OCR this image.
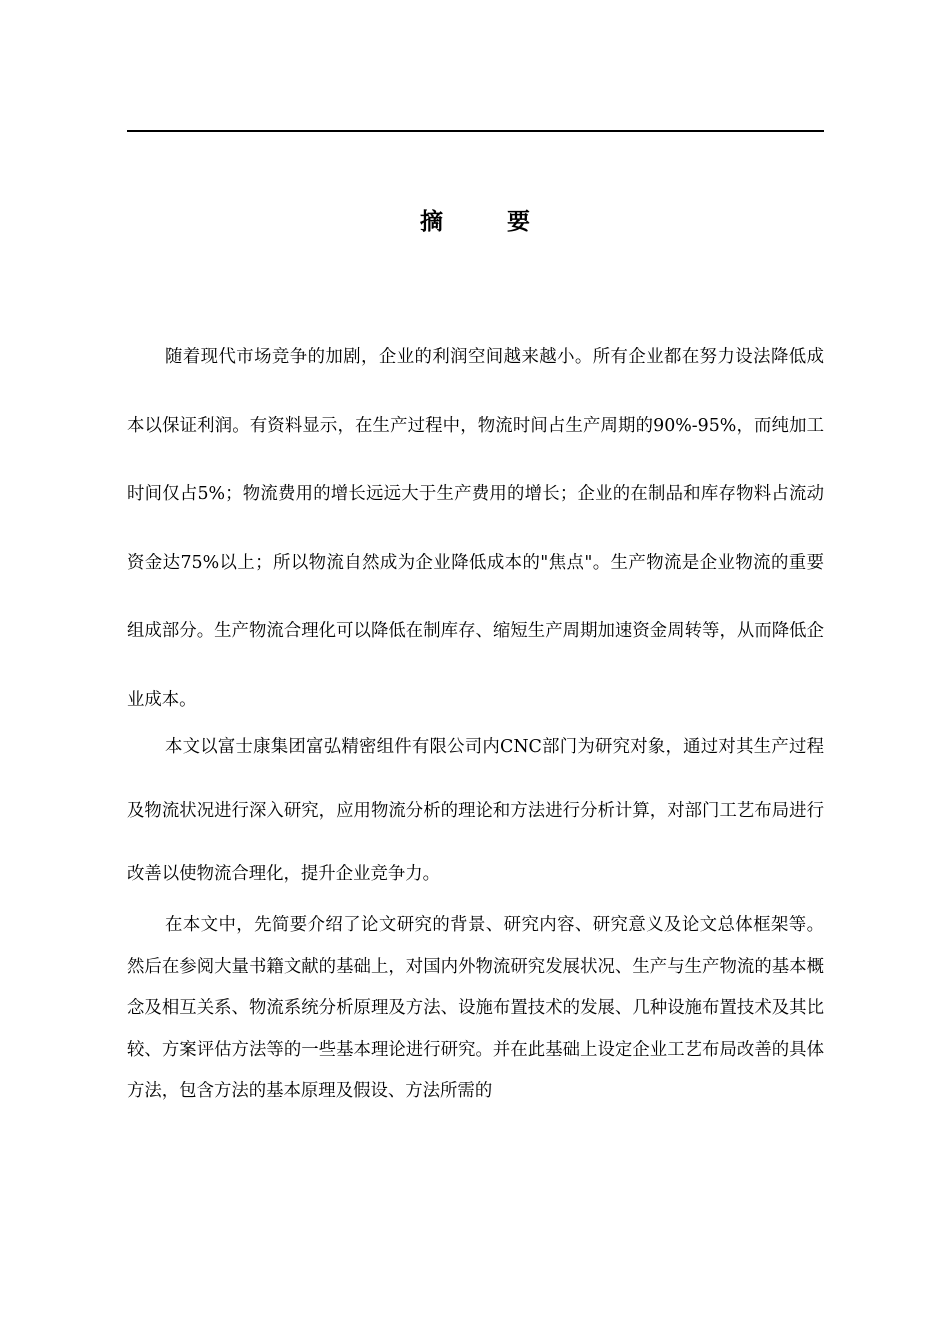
摘 要

随着现代市场竞争的加剧，企业的利润空间越来越小。所有企业都在努力设法降低成本以保证利润。有资料显示，在生产过程中，物流时间占生产周期的90%-95%，而纯加工时间仅占5%；物流费用的增长远远大于生产费用的增长；企业的在制品和库存物料占流动资金达75%以上；所以物流自然成为企业降低成本的"焦点"。生产物流是企业物流的重要组成部分。生产物流合理化可以降低在制库存、缩短生产周期加速资金周转等，从而降低企业成本。

本文以富士康集团富弘精密组件有限公司内CNC部门为研究对象，通过对其生产过程及物流状况进行深入研究，应用物流分析的理论和方法进行分析计算，对部门工艺布局进行改善以使物流合理化，提升企业竞争力。

在本文中，先简要介绍了论文研究的背景、研究内容、研究意义及论文总体框架等。然后在参阅大量书籍文献的基础上，对国内外物流研究发展状况、生产与生产物流的基本概念及相互关系、物流系统分析原理及方法、设施布置技术的发展、几种设施布置技术及其比较、方案评估方法等的一些基本理论进行研究。并在此基础上设定企业工艺布局改善的具体方法，包含方法的基本原理及假设、方法所需的
